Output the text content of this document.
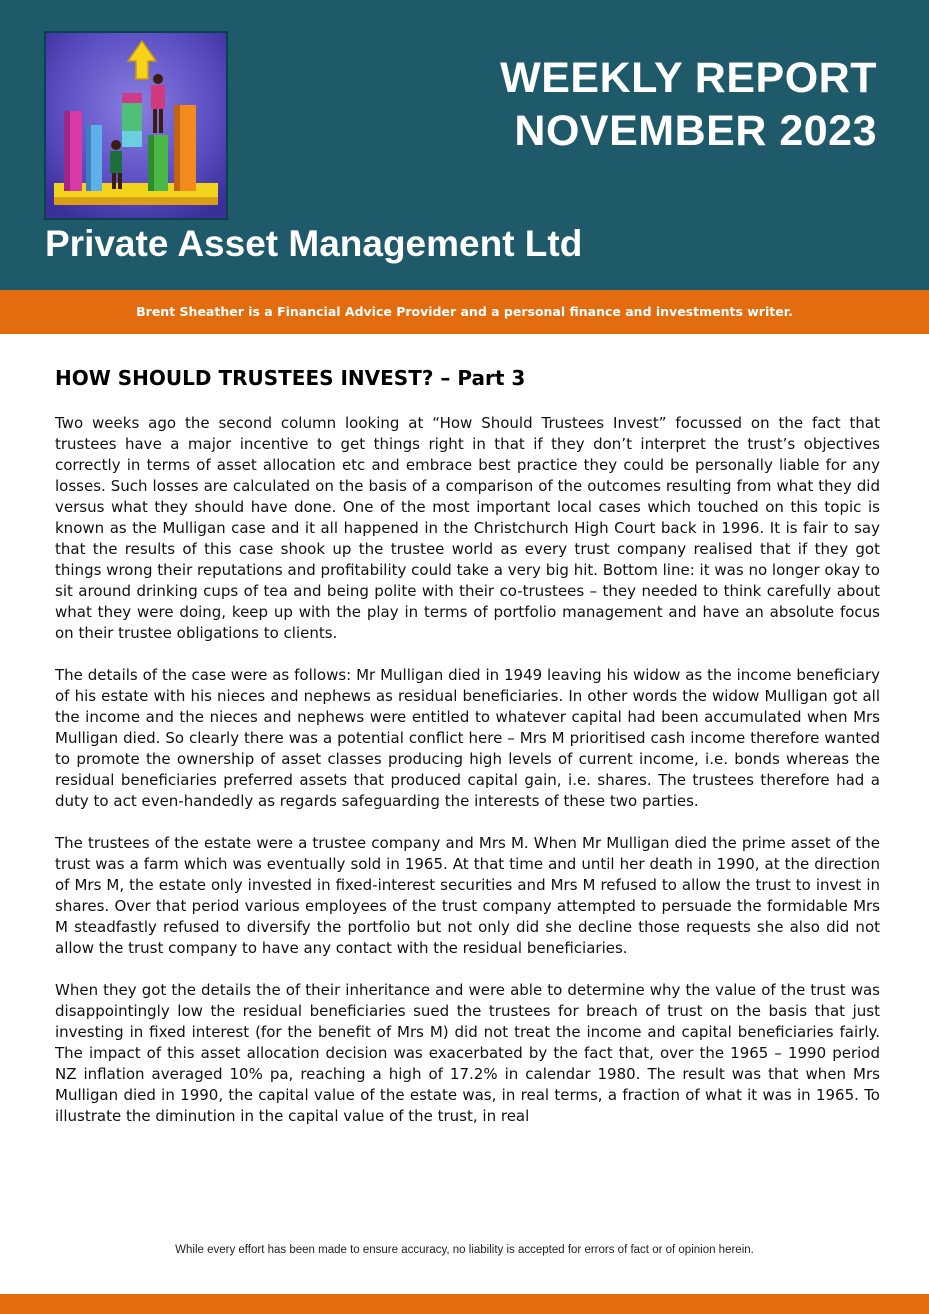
WEEKLY REPORT
NOVEMBER 2023
Private Asset Management Ltd
Brent Sheather is a Financial Advice Provider and a personal finance and investments writer.
HOW SHOULD TRUSTEES INVEST? – Part 3

Two weeks ago the second column looking at “How Should Trustees Invest” focussed on the fact that trustees have a major incentive to get things right in that if they don’t interpret the trust’s objectives correctly in terms of asset allocation etc and embrace best practice they could be personally liable for any losses. Such losses are calculated on the basis of a comparison of the outcomes resulting from what they did versus what they should have done. One of the most important local cases which touched on this topic is known as the Mulligan case and it all happened in the Christchurch High Court back in 1996. It is fair to say that the results of this case shook up the trustee world as every trust company realised that if they got things wrong their reputations and profitability could take a very big hit. Bottom line: it was no longer okay to sit around drinking cups of tea and being polite with their co-trustees – they needed to think carefully about what they were doing, keep up with the play in terms of portfolio management and have an absolute focus on their trustee obligations to clients.

The details of the case were as follows: Mr Mulligan died in 1949 leaving his widow as the income beneficiary of his estate with his nieces and nephews as residual beneficiaries. In other words the widow Mulligan got all the income and the nieces and nephews were entitled to whatever capital had been accumulated when Mrs Mulligan died. So clearly there was a potential conflict here – Mrs M prioritised cash income therefore wanted to promote the ownership of asset classes producing high levels of current income, i.e. bonds whereas the residual beneficiaries preferred assets that produced capital gain, i.e. shares. The trustees therefore had a duty to act even-handedly as regards safeguarding the interests of these two parties.

The trustees of the estate were a trustee company and Mrs M. When Mr Mulligan died the prime asset of the trust was a farm which was eventually sold in 1965. At that time and until her death in 1990, at the direction of Mrs M, the estate only invested in fixed-interest securities and Mrs M refused to allow the trust to invest in shares. Over that period various employees of the trust company attempted to persuade the formidable Mrs M steadfastly refused to diversify the portfolio but not only did she decline those requests she also did not allow the trust company to have any contact with the residual beneficiaries.

When they got the details the of their inheritance and were able to determine why the value of the trust was disappointingly low the residual beneficiaries sued the trustees for breach of trust on the basis that just investing in fixed interest (for the benefit of Mrs M) did not treat the income and capital beneficiaries fairly. The impact of this asset allocation decision was exacerbated by the fact that, over the 1965 – 1990 period NZ inflation averaged 10% pa, reaching a high of 17.2% in calendar 1980. The result was that when Mrs Mulligan died in 1990, the capital value of the estate was, in real terms, a fraction of what it was in 1965. To illustrate the diminution in the capital value of the trust, in real

While every effort has been made to ensure accuracy, no liability is accepted for errors of fact or of opinion herein.
